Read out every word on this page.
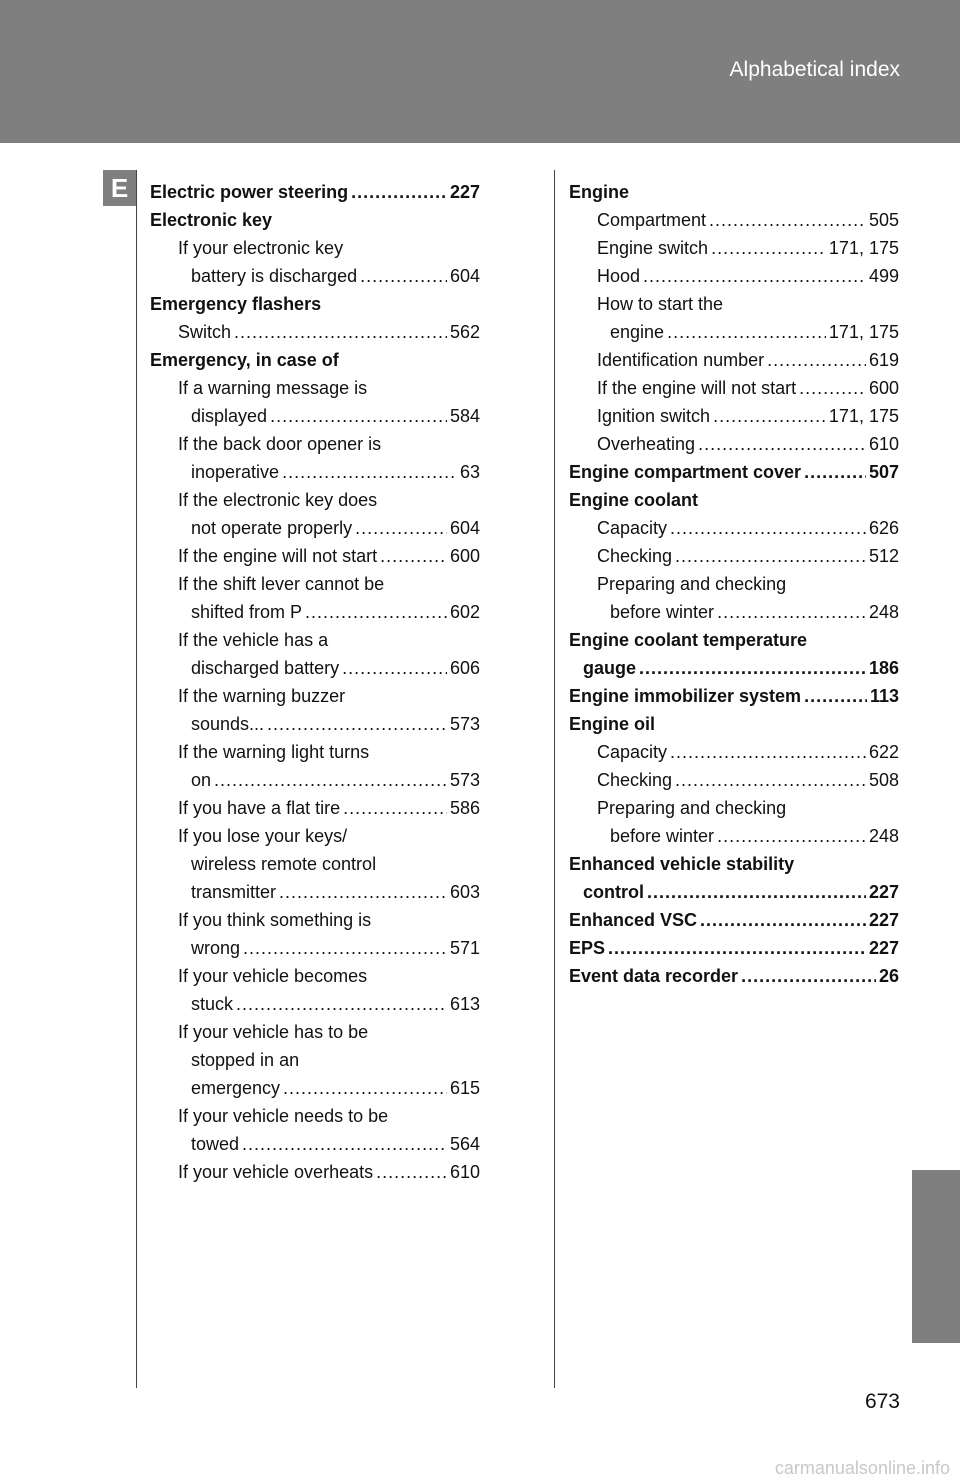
Alphabetical index
E	Electric power steering .....	227
Electronic key
If your electronic key
battery is discharged .....	604
Emergency flashers
Switch .....	562
Emergency, in case of
If a warning message is
displayed .....	584
If the back door opener is
inoperative .....	63
If the electronic key does
not operate properly .....	604
If the engine will not start .....	600
If the shift lever cannot be
shifted from P .....	602
If the vehicle has a
discharged battery .....	606
If the warning buzzer
sounds... .....	573
If the warning light turns
on .....	573
If you have a flat tire .....	586
If you lose your keys/
wireless remote control
transmitter .....	603
If you think something is
wrong .....	571
If your vehicle becomes
stuck .....	613
If your vehicle has to be
stopped in an
emergency .....	615
If your vehicle needs to be
towed .....	564
If your vehicle overheats .....	610
Engine
Compartment .....	505
Engine switch .....	171, 175
Hood .....	499
How to start the
engine .....	171, 175
Identification number .....	619
If the engine will not start .....	600
Ignition switch .....	171, 175
Overheating .....	610
Engine compartment cover .....	507
Engine coolant
Capacity .....	626
Checking .....	512
Preparing and checking
before winter .....	248
Engine coolant temperature
gauge .....	186
Engine immobilizer system .....	113
Engine oil
Capacity .....	622
Checking .....	508
Preparing and checking
before winter .....	248
Enhanced vehicle stability
control .....	227
Enhanced VSC .....	227
EPS .....	227
Event data recorder .....	26
673
carmanualsonline.info
